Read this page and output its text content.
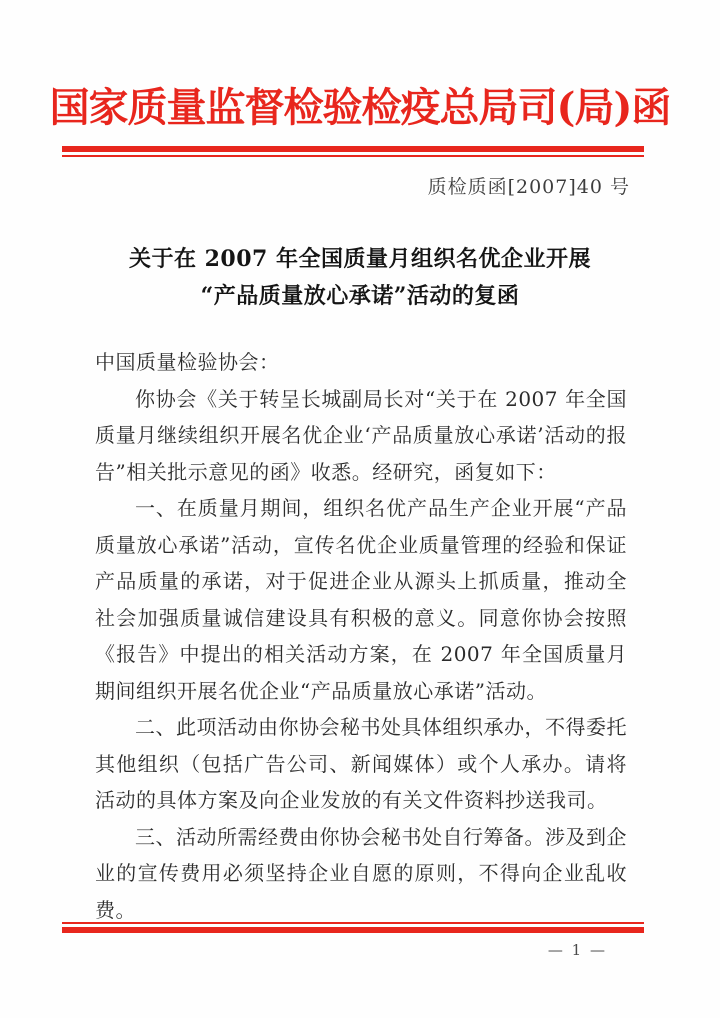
国家质量监督检验检疫总局司(局)函
质检质函[2007]40 号
关于在 2007 年全国质量月组织名优企业开展
“产品质量放心承诺”活动的复函

中国质量检验协会：

你协会《关于转呈长城副局长对“关于在 2007 年全国质量月继续组织开展名优企业‘产品质量放心承诺’活动的报告”相关批示意见的函》收悉。经研究，函复如下：

一、在质量月期间，组织名优产品生产企业开展“产品质量放心承诺”活动，宣传名优企业质量管理的经验和保证产品质量的承诺，对于促进企业从源头上抓质量，推动全社会加强质量诚信建设具有积极的意义。同意你协会按照《报告》中提出的相关活动方案，在 2007 年全国质量月期间组织开展名优企业“产品质量放心承诺”活动。

二、此项活动由你协会秘书处具体组织承办，不得委托其他组织（包括广告公司、新闻媒体）或个人承办。请将活动的具体方案及向企业发放的有关文件资料抄送我司。

三、活动所需经费由你协会秘书处自行筹备。涉及到企业的宣传费用必须坚持企业自愿的原则，不得向企业乱收费。

— 1 —
